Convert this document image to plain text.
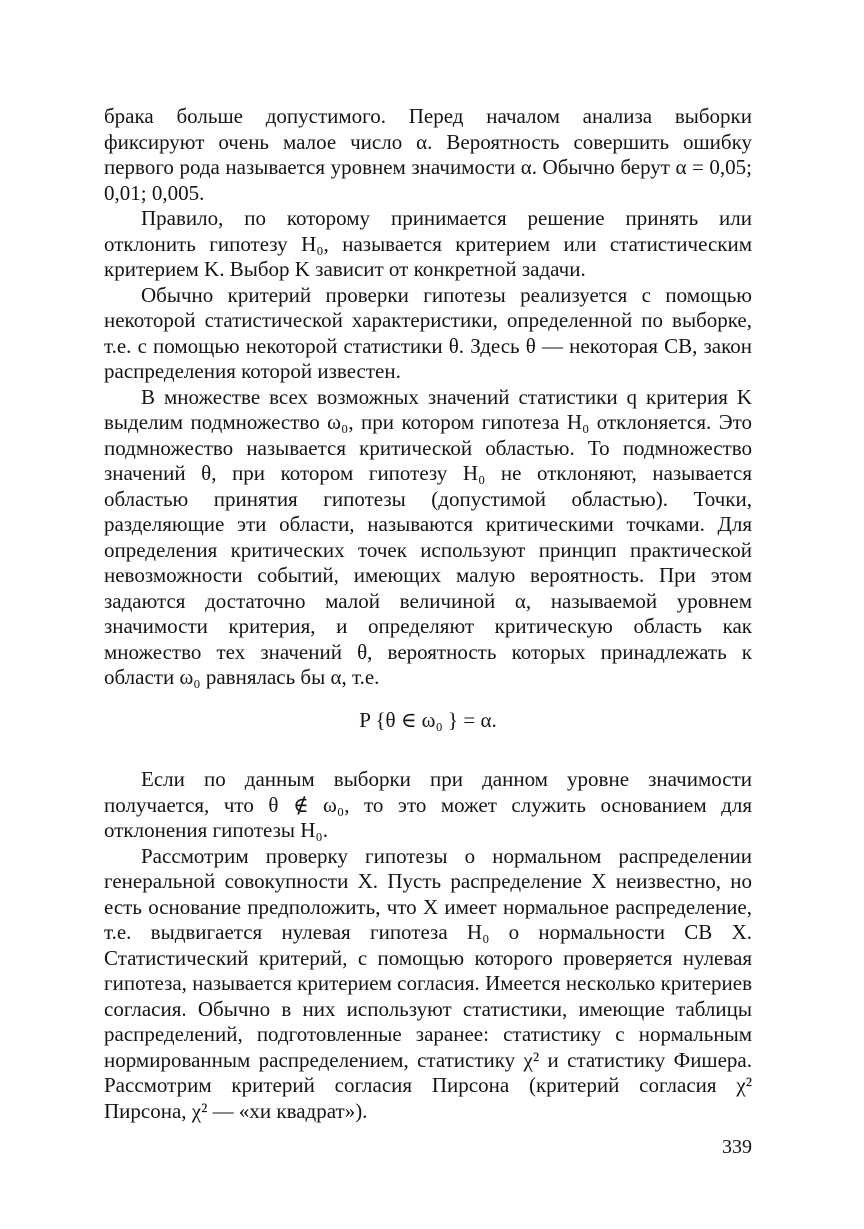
брака больше допустимого. Перед началом анализа выборки фиксируют очень малое число α. Вероятность совершить ошибку первого рода называется уровнем значимости α. Обычно берут α = 0,05; 0,01; 0,005.

Правило, по которому принимается решение принять или отклонить гипотезу H₀, называется критерием или статистическим критерием K. Выбор K зависит от конкретной задачи.

Обычно критерий проверки гипотезы реализуется с помощью некоторой статистической характеристики, определенной по выборке, т.е. с помощью некоторой статистики θ. Здесь θ — некоторая СВ, закон распределения которой известен.

В множестве всех возможных значений статистики q критерия K выделим подмножество ω₀, при котором гипотеза H₀ отклоняется. Это подмножество называется критической областью. То подмножество значений θ, при котором гипотезу H₀ не отклоняют, называется областью принятия гипотезы (допустимой областью). Точки, разделяющие эти области, называются критическими точками. Для определения критических точек используют принцип практической невозможности событий, имеющих малую вероятность. При этом задаются достаточно малой величиной α, называемой уровнем значимости критерия, и определяют критическую область как множество тех значений θ, вероятность которых принадлежать к области ω₀ равнялась бы α, т.е.

P {θ ∈ ω₀ } = α.

Если по данным выборки при данном уровне значимости получается, что θ ∉ ω₀, то это может служить основанием для отклонения гипотезы H₀.

Рассмотрим проверку гипотезы о нормальном распределении генеральной совокупности X. Пусть распределение X неизвестно, но есть основание предположить, что X имеет нормальное распределение, т.е. выдвигается нулевая гипотеза H₀ о нормальности СВ X. Статистический критерий, с помощью которого проверяется нулевая гипотеза, называется критерием согласия. Имеется несколько критериев согласия. Обычно в них используют статистики, имеющие таблицы распределений, подготовленные заранее: статистику с нормальным нормированным распределением, статистику χ² и статистику Фишера. Рассмотрим критерий согласия Пирсона (критерий согласия χ² Пирсона, χ² — «хи квадрат»).

339
